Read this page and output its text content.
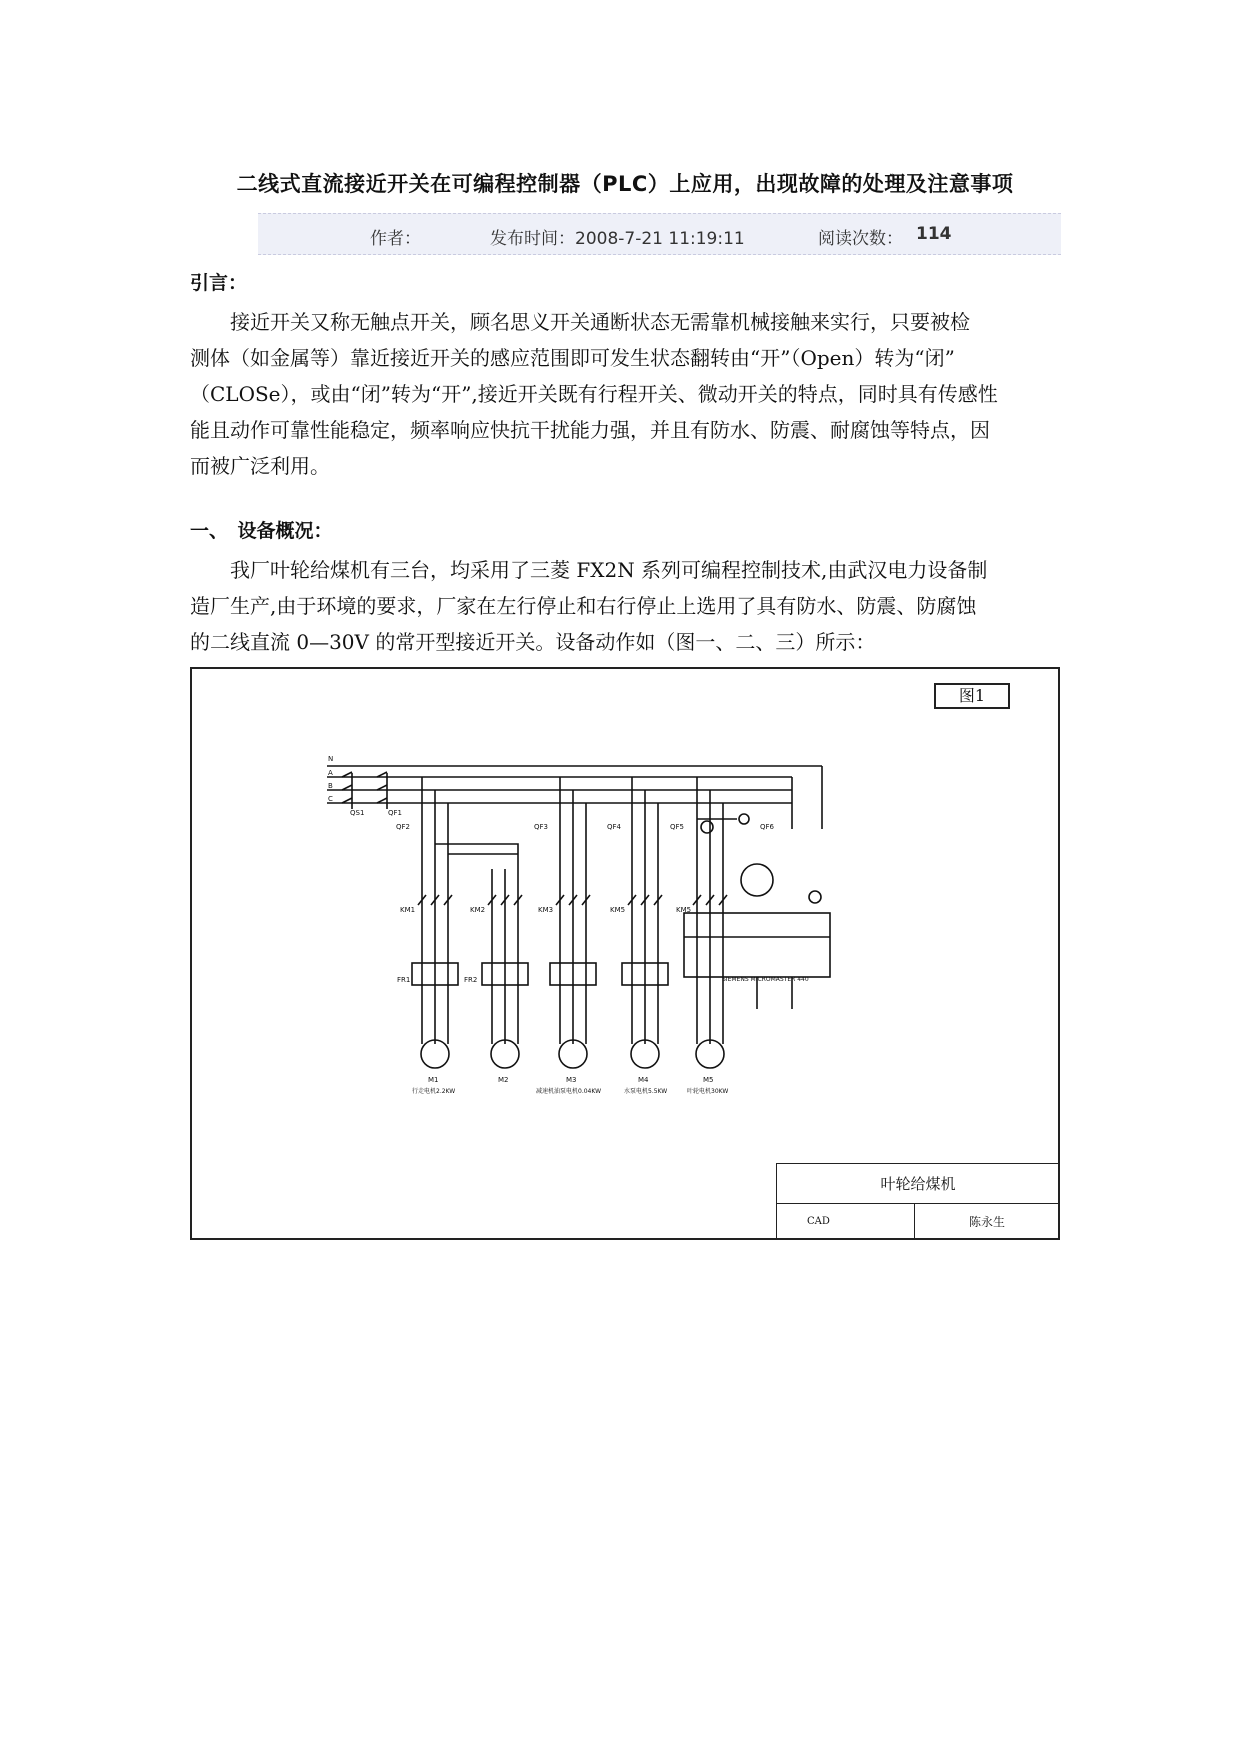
二线式直流接近开关在可编程控制器（PLC）上应用，出现故障的处理及注意事项
作者：	发布时间：2008-7-21 11:19:11	阅读次数： 114
引言：
　　接近开关又称无触点开关，顾名思义开关通断状态无需靠机械接触来实行，只要被检
测体（如金属等）靠近接近开关的感应范围即可发生状态翻转由“开”（Open）转为“闭”
（CLOSe），或由“闭”转为“开”,接近开关既有行程开关、微动开关的特点，同时具有传感性
能且动作可靠性能稳定，频率响应快抗干扰能力强，并且有防水、防震、耐腐蚀等特点，因
而被广泛利用。
一、　设备概况：
　　我厂叶轮给煤机有三台，均采用了三菱 FX2N 系列可编程控制技术,由武汉电力设备制
造厂生产,由于环境的要求，厂家在左行停止和右行停止上选用了具有防水、防震、防腐蚀
的二线直流 0—30V 的常开型接近开关。设备动作如（图一、二、三）所示：
图1
N
A
B
C
QS1	QF1
QF2	QF3	QF4	QF5	QF6
KM1	KM2	KM3	KM5	KM5
FR1	FR2	SIEMENS MICROMASTER 440
M1	M2	M3	M4	M5
行走电机2.2KW	减速机油泵电机0.04KW	水泵电机5.5KW	叶轮电机30KW
叶轮给煤机
CAD	陈永生
